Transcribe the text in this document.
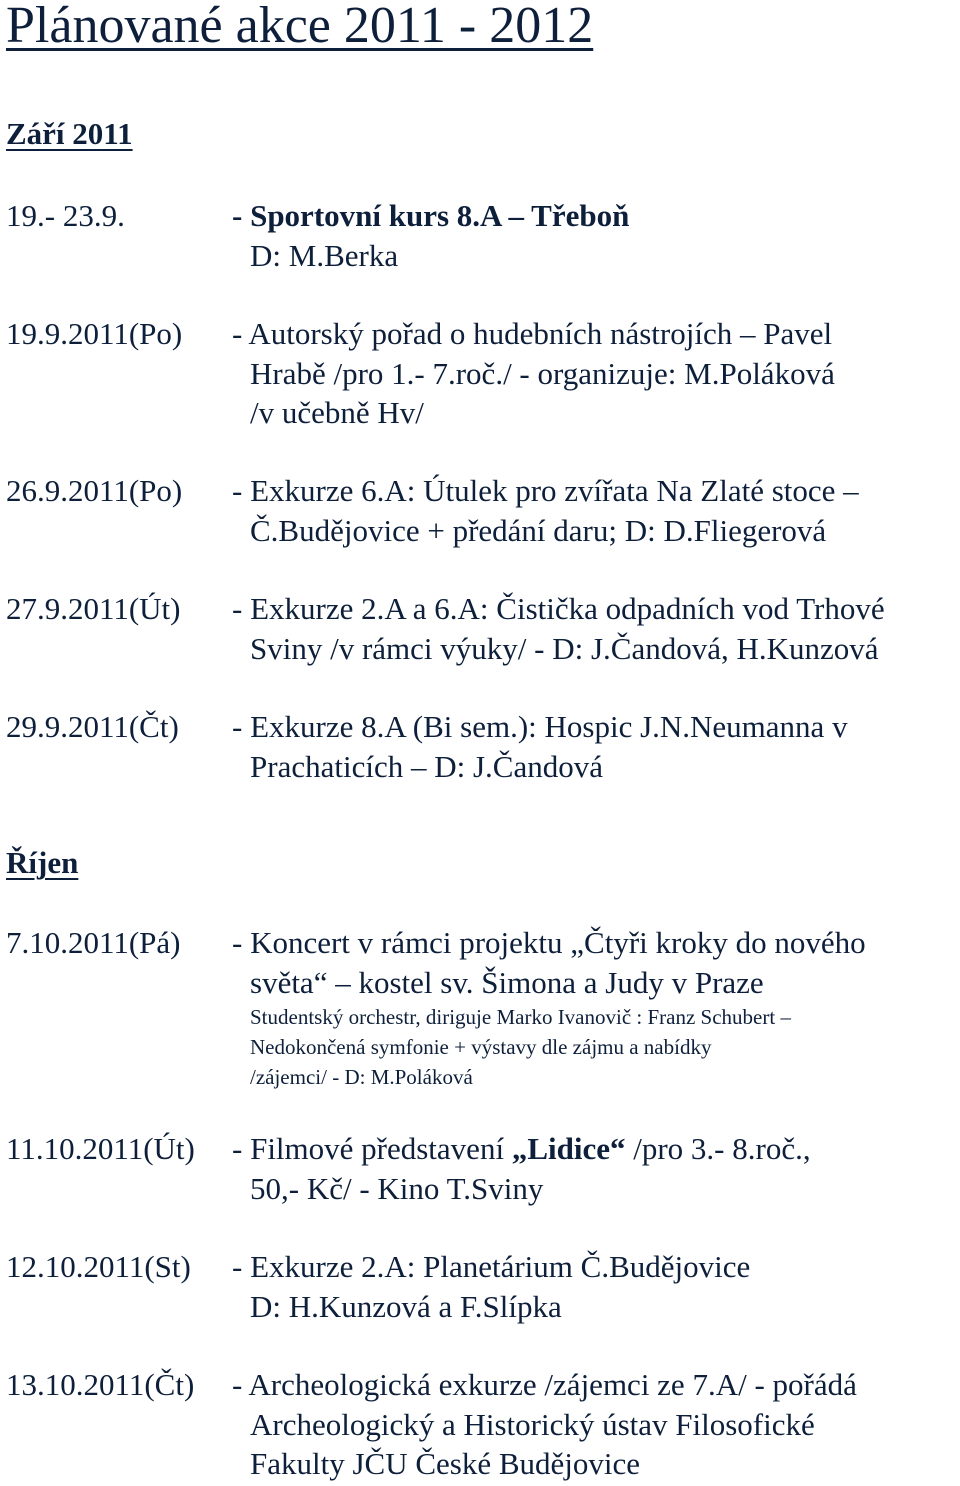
Plánované akce 2011 - 2012
Září 2011
19.- 23.9.	- Sportovní kurs 8.A – Třeboň
D: M.Berka
19.9.2011(Po) - Autorský pořad o hudebních nástrojích – Pavel
Hrabě /pro 1.- 7.roč./ - organizuje: M.Poláková
/v učebně Hv/
26.9.2011(Po) - Exkurze 6.A: Útulek pro zvířata Na Zlaté stoce –
Č.Budějovice + předání daru; D: D.Fliegerová
27.9.2011(Út) - Exkurze 2.A a 6.A: Čistička odpadních vod Trhové
Sviny /v rámci výuky/ - D: J.Čandová, H.Kunzová
29.9.2011(Čt) - Exkurze 8.A (Bi sem.): Hospic J.N.Neumanna v
Prachaticích – D: J.Čandová
Říjen
7.10.2011(Pá) - Koncert v rámci projektu „Čtyři kroky do nového
světa“ – kostel sv. Šimona a Judy v Praze
Studentský orchestr, diriguje Marko Ivanovič : Franz Schubert –
Nedokončená symfonie + výstavy dle zájmu a nabídky
/zájemci/ - D: M.Poláková
11.10.2011(Út) - Filmové představení „Lidice“ /pro 3.- 8.roč.,
50,- Kč/ - Kino T.Sviny
12.10.2011(St) - Exkurze 2.A: Planetárium Č.Budějovice
D: H.Kunzová a F.Slípka
13.10.2011(Čt) - Archeologická exkurze /zájemci ze 7.A/ - pořádá
Archeologický a Historický ústav Filosofické
Fakulty JČU České Budějovice
